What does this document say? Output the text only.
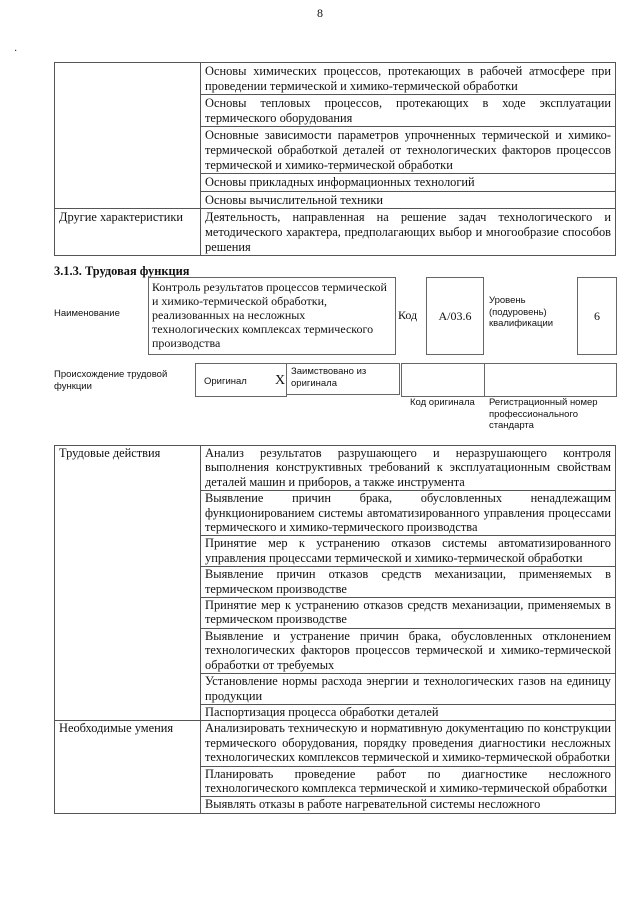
8
·
	Основы химических процессов, протекающих в рабочей атмосфере при проведении термической и химико-термической обработки
	Основы тепловых процессов, протекающих в ходе эксплуатации термического оборудования
	Основные зависимости параметров упрочненных термической и химико-термической обработкой деталей от технологических факторов процессов термической и химико-термической обработки
	Основы прикладных информационных технологий
	Основы вычислительной техники
Другие характеристики	Деятельность, направленная на решение задач технологического и методического характера, предполагающих выбор и многообразие способов решения
3.1.3. Трудовая функция
Наименование
Контроль результатов процессов термической и химико-термической обработки, реализованных на несложных технологических комплексах термического производства
Код	A/03.6
Уровень (подуровень) квалификации
6
Происхождение трудовой функции	Оригинал X
Заимствовано из оригинала
Код оригинала Регистрационный номер профессионального стандарта
Трудовые действия	Анализ результатов разрушающего и неразрушающего контроля выполнения конструктивных требований к эксплуатационным свойствам деталей машин и приборов, а также инструмента
	Выявление причин брака, обусловленных ненадлежащим функционированием системы автоматизированного управления процессами термического и химико-термического производства
	Принятие мер к устранению отказов системы автоматизированного управления процессами термической и химико-термической обработки
	Выявление причин отказов средств механизации, применяемых в термическом производстве
	Принятие мер к устранению отказов средств механизации, применяемых в термическом производстве
	Выявление и устранение причин брака, обусловленных отклонением технологических факторов процессов термической и химико-термической обработки от требуемых
	Установление нормы расхода энергии и технологических газов на единицу продукции
	Паспортизация процесса обработки деталей
Необходимые умения	Анализировать техническую и нормативную документацию по конструкции термического оборудования, порядку проведения диагностики несложных технологических комплексов термической и химико-термической обработки
	Планировать проведение работ по диагностике несложного технологического комплекса термической и химико-термической обработки
	Выявлять отказы в работе нагревательной системы несложного
